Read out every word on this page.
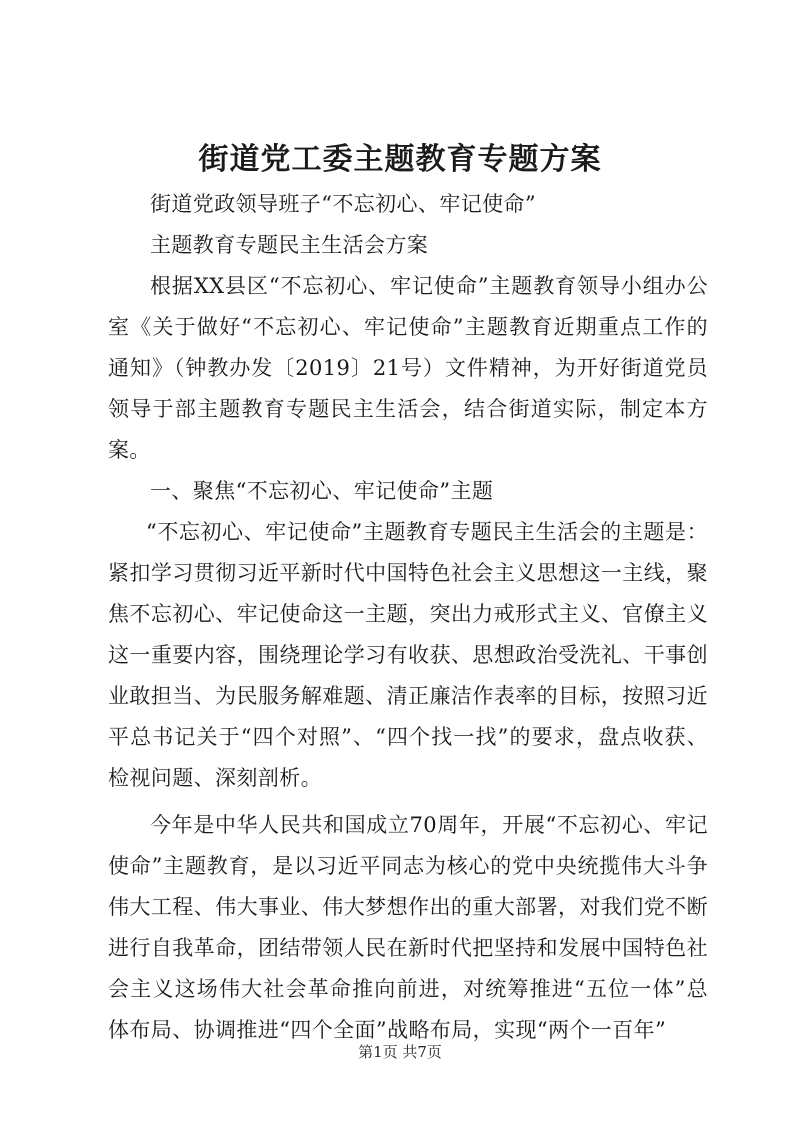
街道党工委主题教育专题方案

街道党政领导班子“不忘初心、牢记使命”

主题教育专题民主生活会方案

根据XX县区“不忘初心、牢记使命”主题教育领导小组办公室《关于做好“不忘初心、牢记使命”主题教育近期重点工作的通知》（钟教办发〔2019〕21号）文件精神，为开好街道党员领导于部主题教育专题民主生活会，结合街道实际，制定本方案。

一、聚焦“不忘初心、牢记使命”主题

“不忘初心、牢记使命”主题教育专题民主生活会的主题是：紧扣学习贯彻习近平新时代中国特色社会主义思想这一主线，聚焦不忘初心、牢记使命这一主题，突出力戒形式主义、官僚主义这一重要内容，围绕理论学习有收获、思想政治受洗礼、干事创业敢担当、为民服务解难题、清正廉洁作表率的目标，按照习近平总书记关于“四个对照”、“四个找一找”的要求，盘点收获、检视问题、深刻剖析。

今年是中华人民共和国成立70周年，开展“不忘初心、牢记使命”主题教育，是以习近平同志为核心的党中央统揽伟大斗争伟大工程、伟大事业、伟大梦想作出的重大部署，对我们党不断进行自我革命，团结带领人民在新时代把坚持和发展中国特色社会主义这场伟大社会革命推向前进，对统筹推进“五位一体”总体布局、协调推进“四个全面”战略布局，实现“两个一百年”

第1页 共7页
